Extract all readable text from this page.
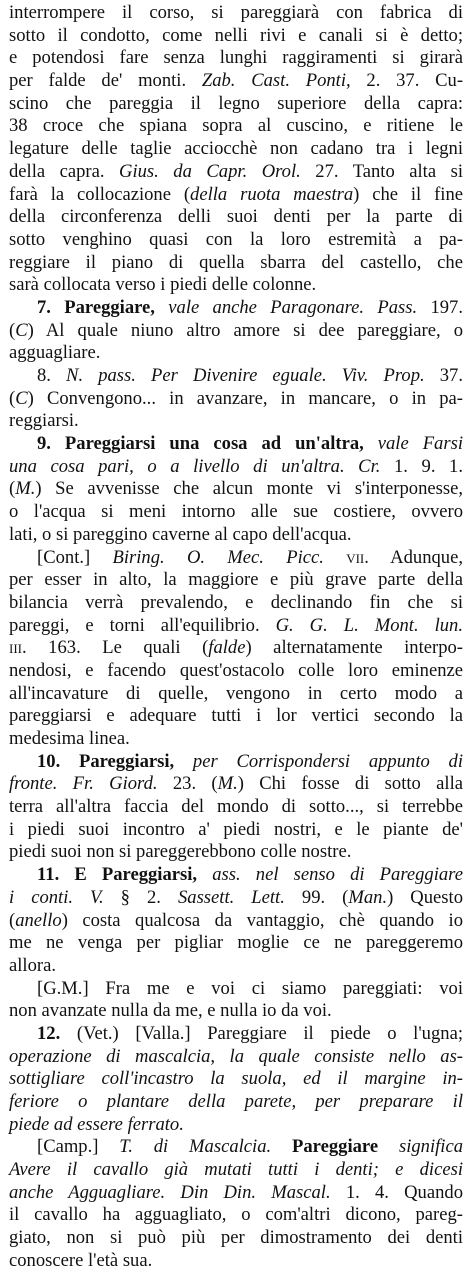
interrompere il corso, si pareggiarà con fabrica di
sotto il condotto, come nelli rivi e canali si è detto;
e potendosi fare senza lunghi raggiramenti si girarà
per falde de' monti. Zab. Cast. Ponti, 2. 37. Cu-
scino che pareggia il legno superiore della capra:
38 croce che spiana sopra al cuscino, e ritiene le
legature delle taglie acciocchè non cadano tra i legni
della capra. Gius. da Capr. Orol. 27. Tanto alta si
farà la collocazione (della ruota maestra) che il fine
della circonferenza delli suoi denti per la parte di
sotto venghino quasi con la loro estremità a pa-
reggiare il piano di quella sbarra del castello, che
sarà collocata verso i piedi delle colonne.
7. Pareggiare, vale anche Paragonare. Pass. 197.
(C) Al quale niuno altro amore si dee pareggiare, o
agguagliare.
8. N. pass. Per Divenire eguale. Viv. Prop. 37.
(C) Convengono... in avanzare, in mancare, o in pa-
reggiarsi.
9. Pareggiarsi una cosa ad un'altra, vale Farsi
una cosa pari, o a livello di un'altra. Cr. 1. 9. 1.
(M.) Se avvenisse che alcun monte vi s'interponesse,
o l'acqua si meni intorno alle sue costiere, ovvero
lati, o si pareggino caverne al capo dell'acqua.
[Cont.] Biring. O. Mec. Picc. vii. Adunque,
per esser in alto, la maggiore e più grave parte della
bilancia verrà prevalendo, e declinando fin che si
pareggi, e torni all'equilibrio. G. G. L. Mont. lun.
iii. 163. Le quali (falde) alternatamente interpo-
nendosi, e facendo quest'ostacolo colle loro eminenze
all'incavature di quelle, vengono in certo modo a
pareggiarsi e adequare tutti i lor vertici secondo la
medesima linea.
10. Pareggiarsi, per Corrispondersi appunto di
fronte. Fr. Giord. 23. (M.) Chi fosse di sotto alla
terra all'altra faccia del mondo di sotto..., si terrebbe
i piedi suoi incontro a' piedi nostri, e le piante de'
piedi suoi non si pareggerebbono colle nostre.
11. E Pareggiarsi, ass. nel senso di Pareggiare
i conti. V. § 2. Sassett. Lett. 99. (Man.) Questo
(anello) costa qualcosa da vantaggio, chè quando io
me ne venga per pigliar moglie ce ne pareggeremo
allora.
[G.M.] Fra me e voi ci siamo pareggiati: voi
non avanzate nulla da me, e nulla io da voi.
12. (Vet.) [Valla.] Pareggiare il piede o l'ugna;
operazione di mascalcia, la quale consiste nello as-
sottigliare coll'incastro la suola, ed il margine in-
feriore o plantare della parete, per preparare il
piede ad essere ferrato.
[Camp.] T. di Mascalcia. Pareggiare significa
Avere il cavallo già mutati tutti i denti; e dicesi
anche Agguagliare. Din Din. Mascal. 1. 4. Quando
il cavallo ha agguagliato, o com'altri dicono, pareg-
giato, non si può più per dimostramento dei denti
conoscere l'età sua.
